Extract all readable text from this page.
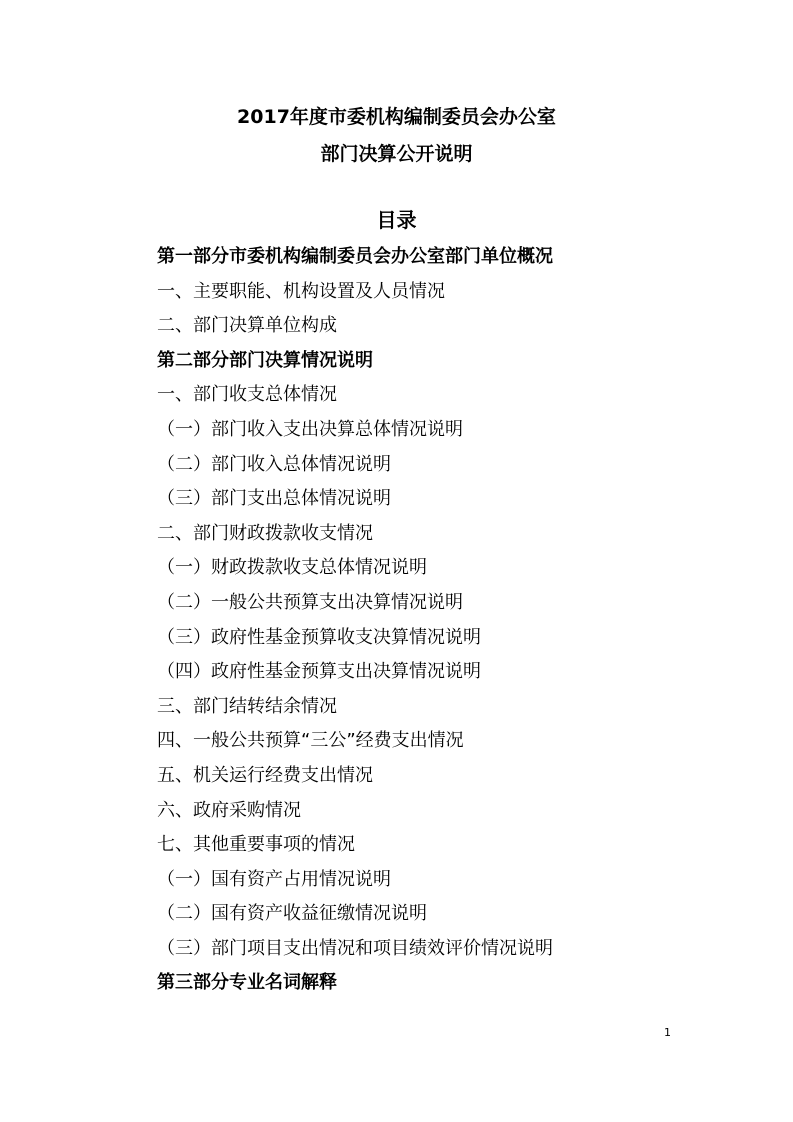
2017年度市委机构编制委员会办公室
部门决算公开说明
目录
第一部分市委机构编制委员会办公室部门单位概况
一、主要职能、机构设置及人员情况
二、部门决算单位构成
第二部分部门决算情况说明
一、部门收支总体情况
（一）部门收入支出决算总体情况说明
（二）部门收入总体情况说明
（三）部门支出总体情况说明
二、部门财政拨款收支情况
（一）财政拨款收支总体情况说明
（二）一般公共预算支出决算情况说明
（三）政府性基金预算收支决算情况说明
（四）政府性基金预算支出决算情况说明
三、部门结转结余情况
四、一般公共预算“三公”经费支出情况
五、机关运行经费支出情况
六、政府采购情况
七、其他重要事项的情况
（一）国有资产占用情况说明
（二）国有资产收益征缴情况说明
（三）部门项目支出情况和项目绩效评价情况说明
第三部分专业名词解释
1
